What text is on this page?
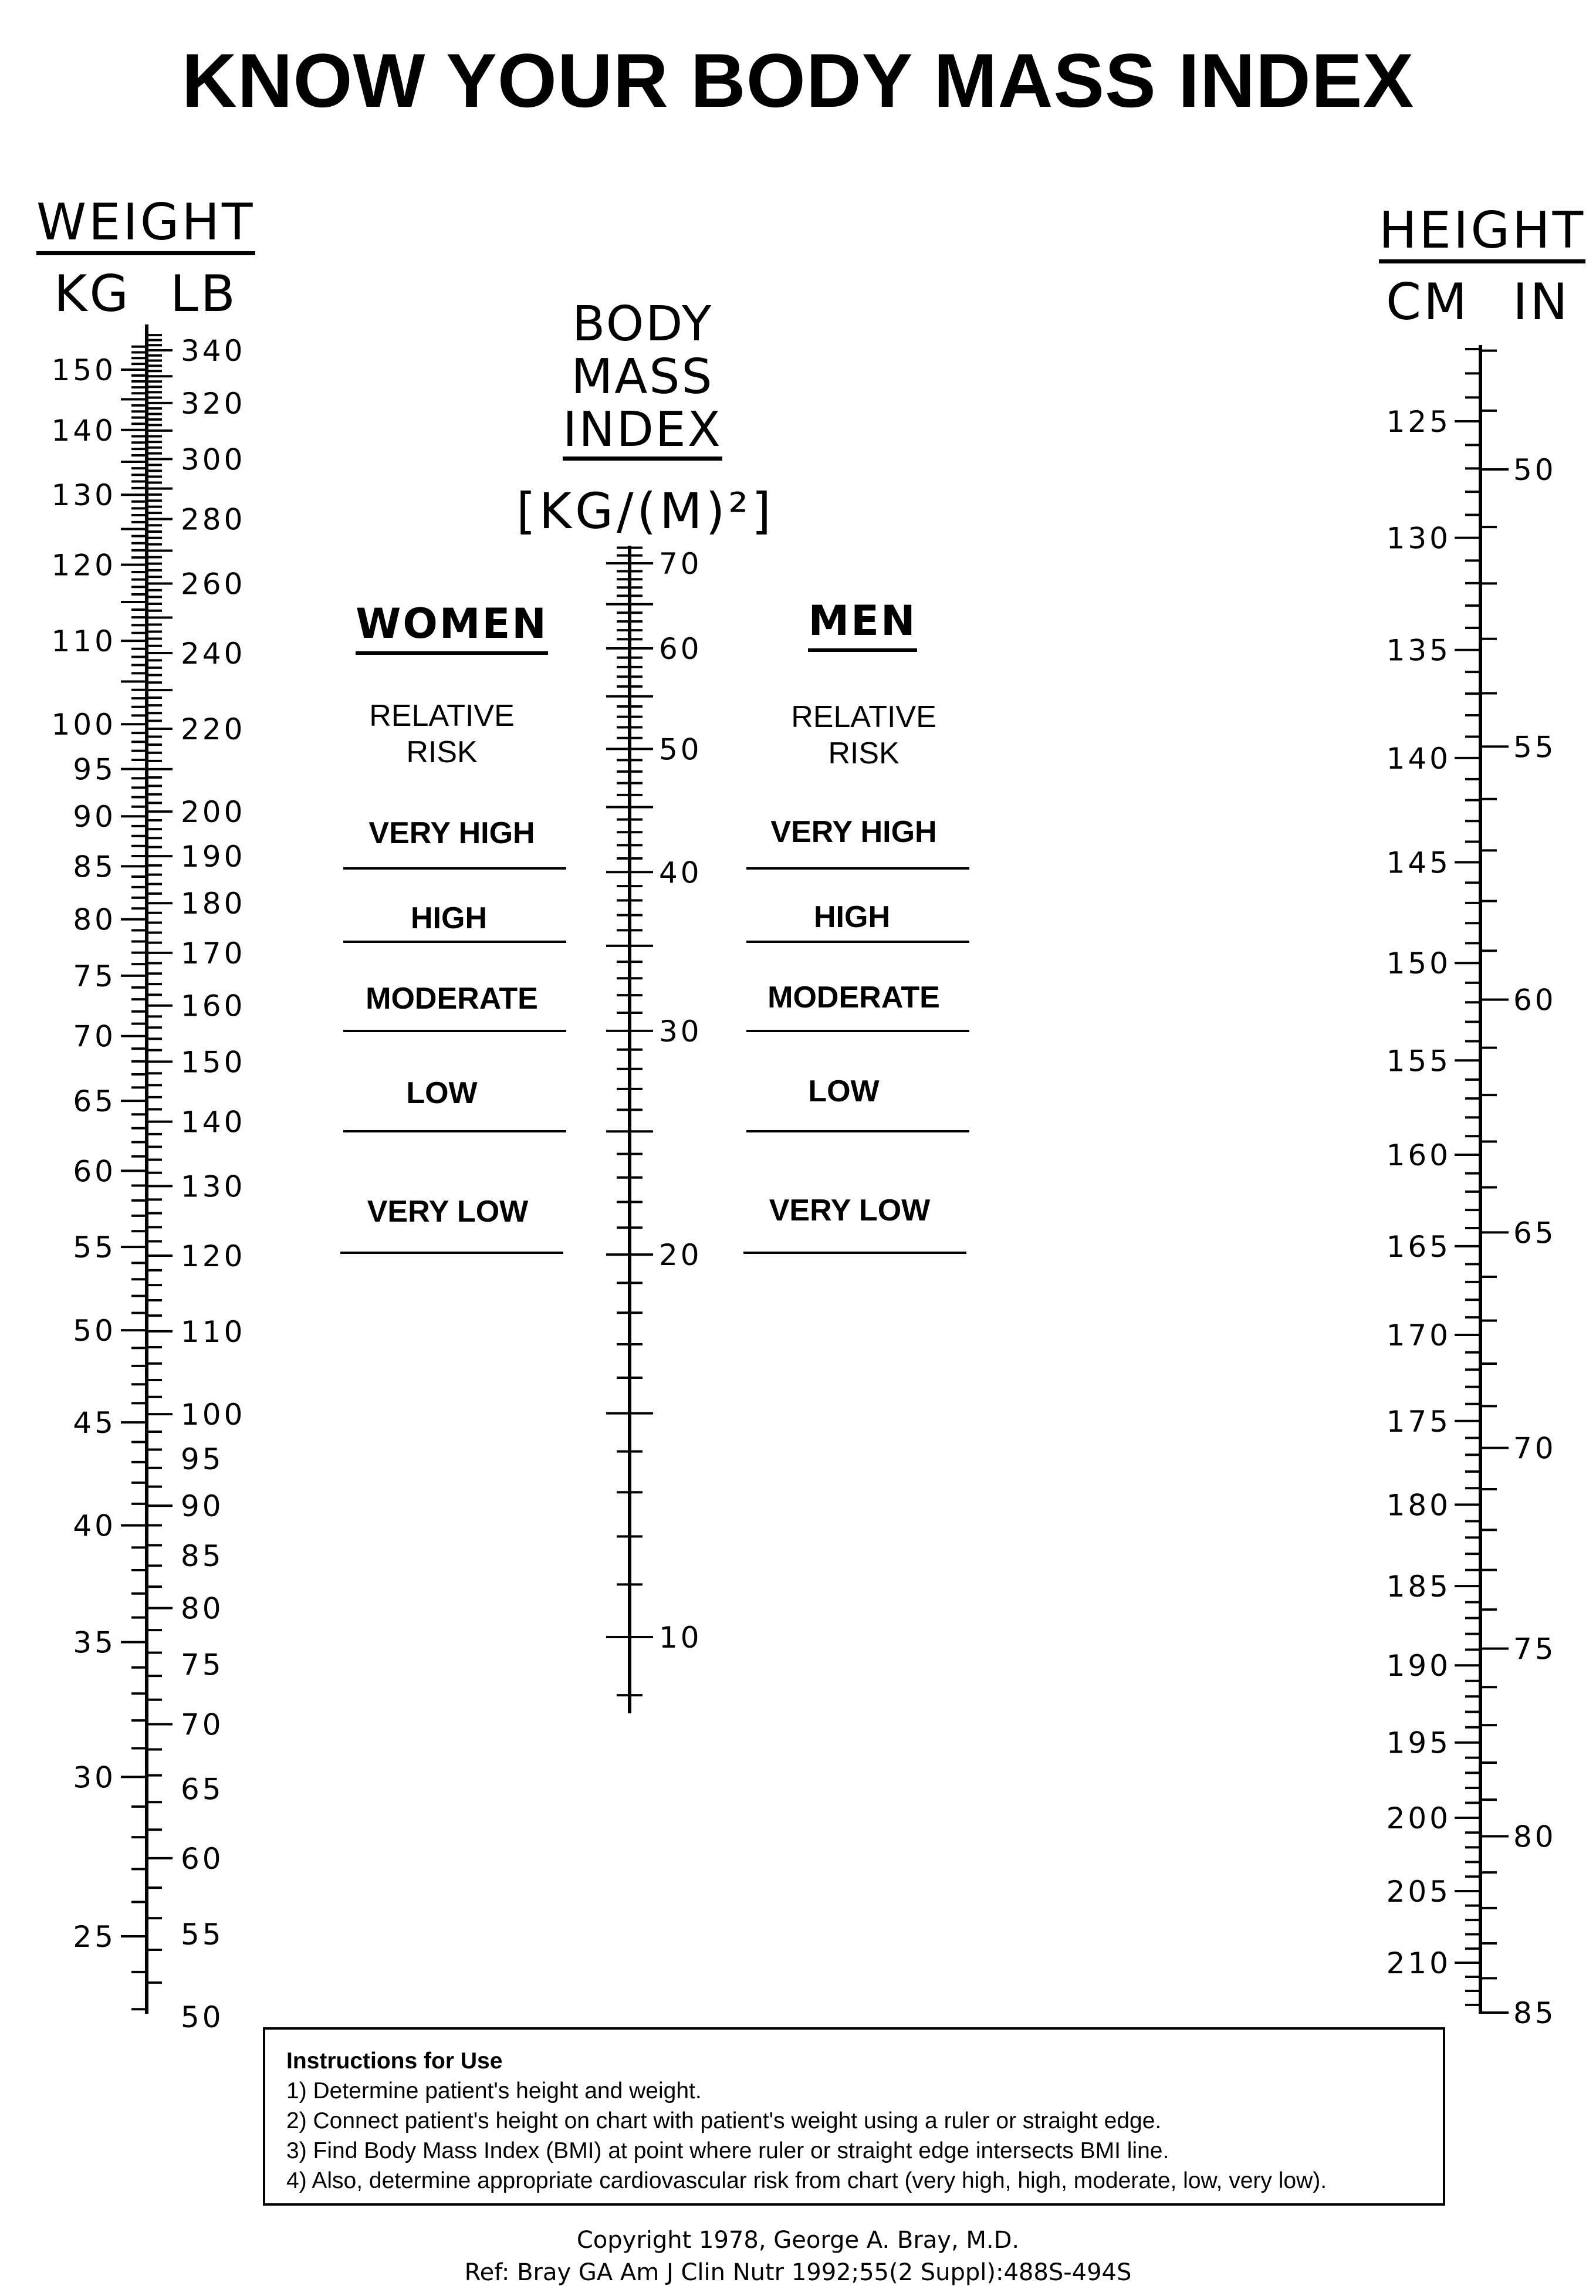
KNOW YOUR BODY MASS INDEX
WEIGHT
KG LB
HEIGHT
CM IN
BODY
MASS
INDEX
[KG/(M)²]
WOMEN
RELATIVE
RISK
VERY HIGH
HIGH
MODERATE
LOW
VERY LOW
MEN
RELATIVE
RISK
VERY HIGH
HIGH
MODERATE
LOW
VERY LOW
150
140
130
120
110
100
95
90
85
80
75
70
65
60
55
50
45
40
35
30
25
340
320
300
280
260
240
220
200
190
180
170
160
150
140
130
120
110
100
95
90
85
80
75
70
65
60
55
50
70
60
50
40
30
20
10
125
130
135
140
145
150
155
160
165
170
175
180
185
190
195
200
205
210
50
55
60
65
70
75
80
85
Instructions for Use
1) Determine patient's height and weight.
2) Connect patient's height on chart with patient's weight using a ruler or straight edge.
3) Find Body Mass Index (BMI) at point where ruler or straight edge intersects BMI line.
4) Also, determine appropriate cardiovascular risk from chart (very high, high, moderate, low, very low).
Copyright 1978, George A. Bray, M.D.
Ref: Bray GA Am J Clin Nutr 1992;55(2 Suppl):488S-494S
